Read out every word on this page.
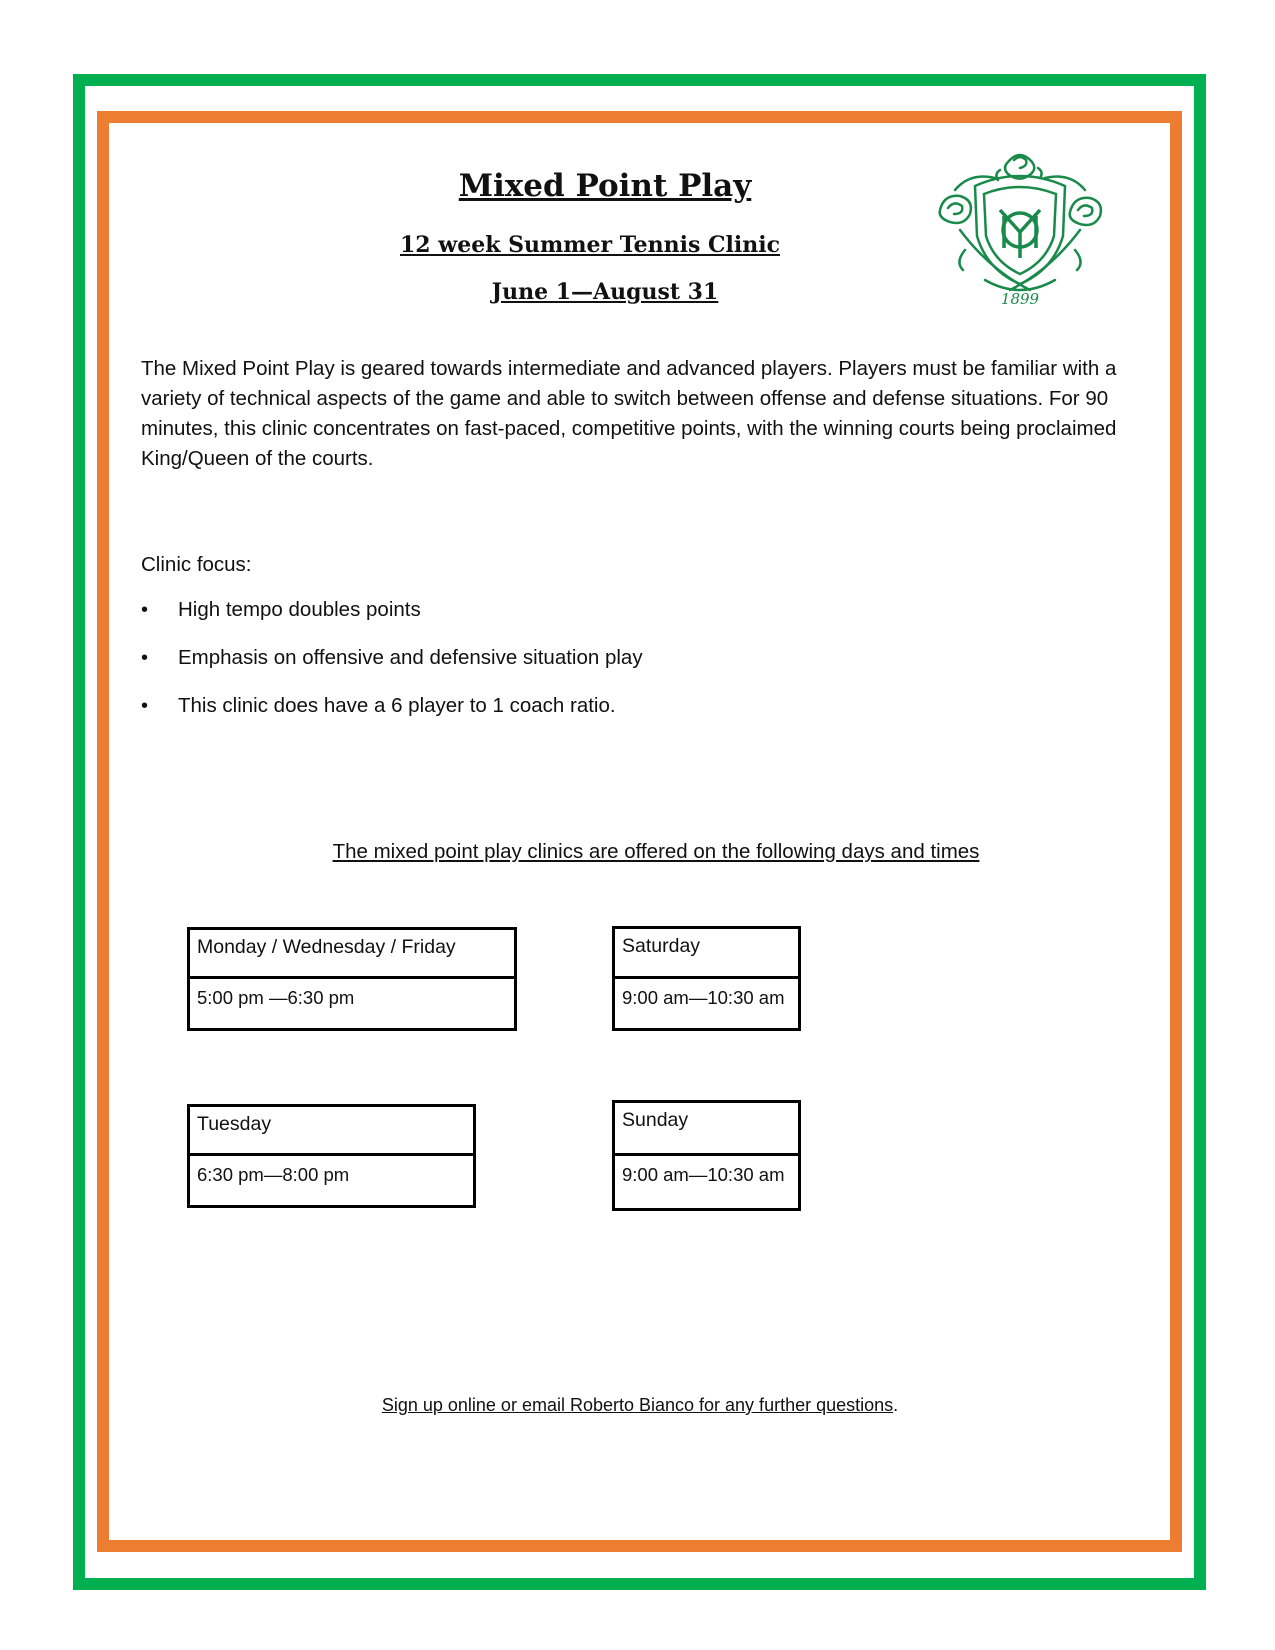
Mixed Point Play
12 week Summer Tennis Clinic
June 1—August 31	1899

The Mixed Point Play is geared towards intermediate and advanced players. Players must be familiar with a variety of technical aspects of the game and able to switch between offense and defense situations. For 90 minutes, this clinic concentrates on fast-paced, competitive points, with the winning courts being proclaimed King/Queen of the courts.

Clinic focus:

• High tempo doubles points
• Emphasis on offensive and defensive situation play
• This clinic does have a 6 player to 1 coach ratio.

The mixed point play clinics are offered on the following days and times

Monday / Wednesday / Friday
5:00 pm —6:30 pm
Saturday
9:00 am—10:30 am
Tuesday
6:30 pm—8:00 pm
Sunday
9:00 am—10:30 am

Sign up online or email Roberto Bianco for any further questions.
